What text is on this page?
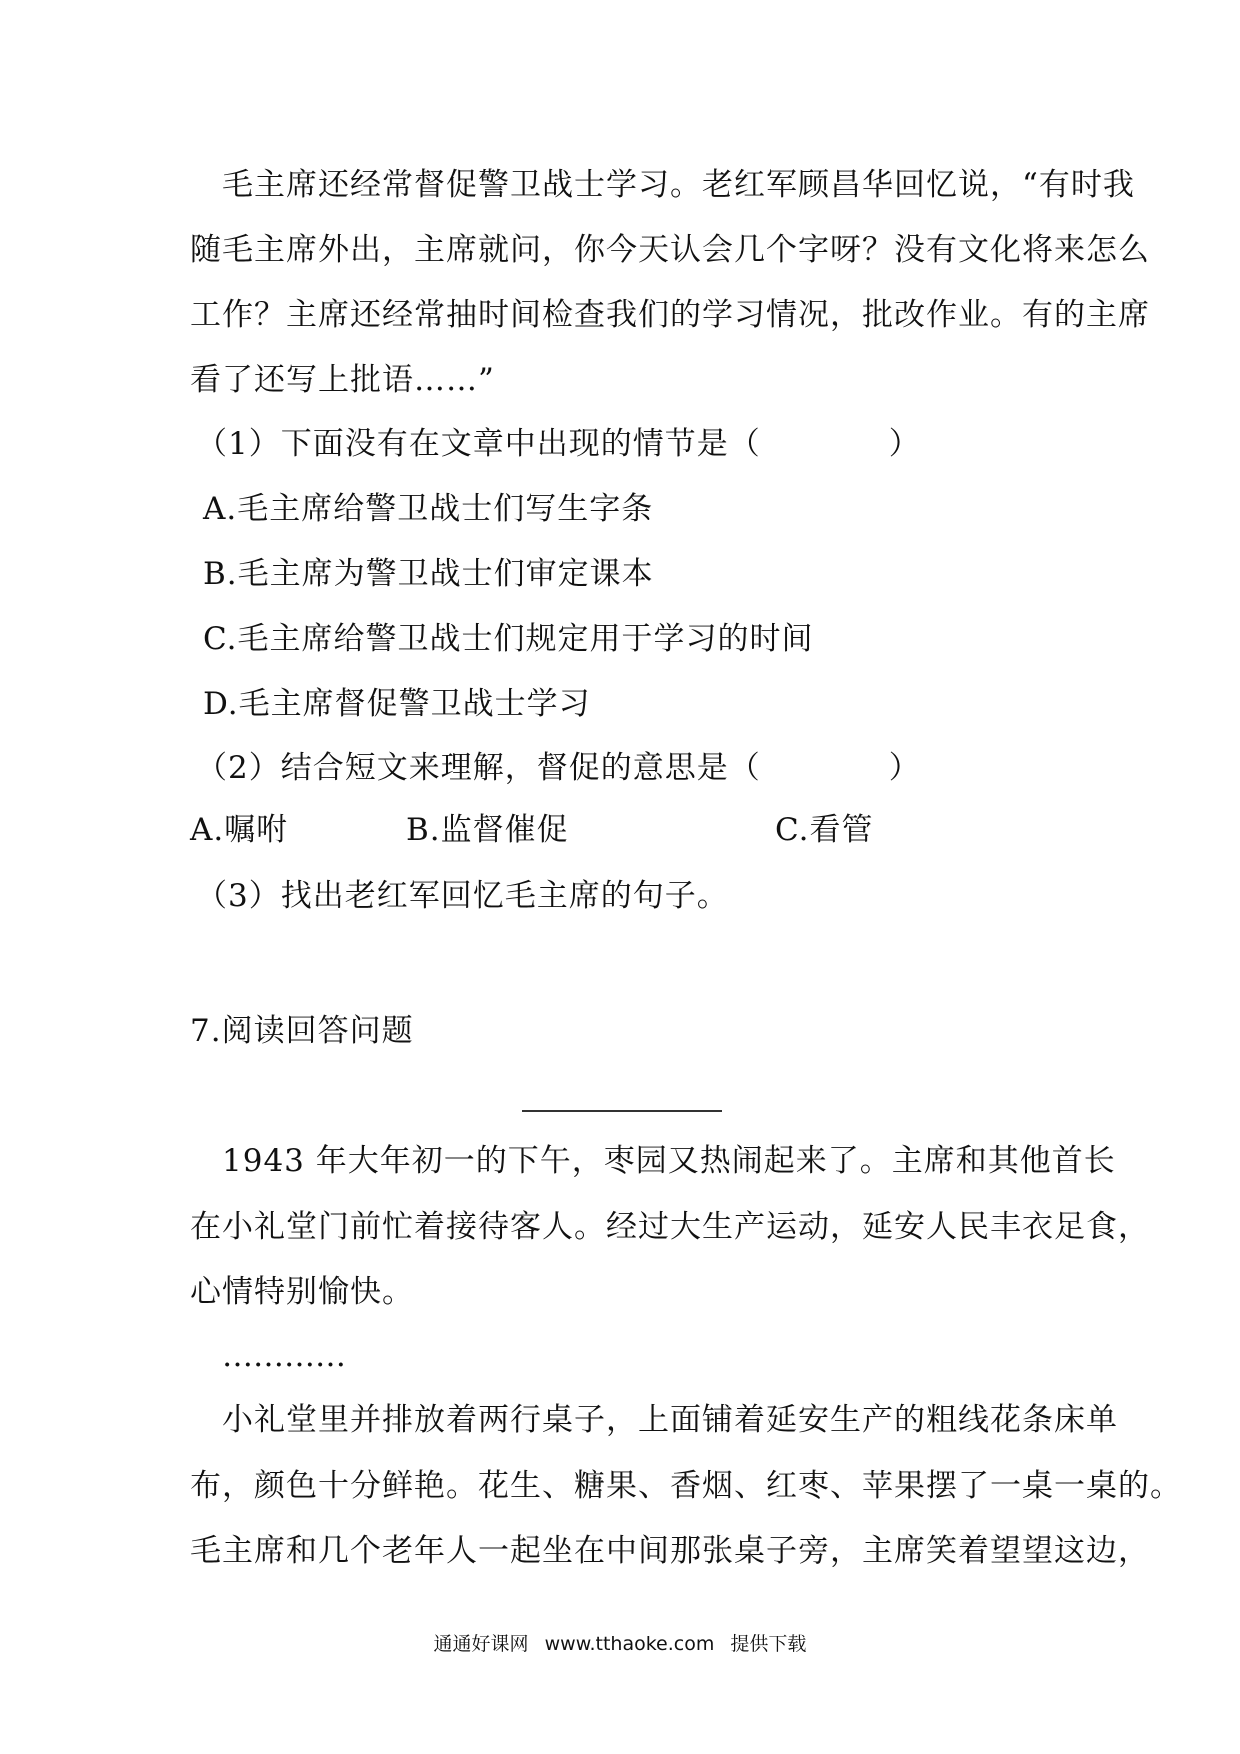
毛主席还经常督促警卫战士学习。老红军顾昌华回忆说，“有时我
随毛主席外出，主席就问，你今天认会几个字呀？没有文化将来怎么
工作？主席还经常抽时间检查我们的学习情况，批改作业。有的主席
看了还写上批语……”
（1）下面没有在文章中出现的情节是（　　　　）
A.毛主席给警卫战士们写生字条
B.毛主席为警卫战士们审定课本
C.毛主席给警卫战士们规定用于学习的时间
D.毛主席督促警卫战士学习
（2）结合短文来理解，督促的意思是（　　　　）
A.嘱咐	B.监督催促	C.看管
（3）找出老红军回忆毛主席的句子。
7.阅读回答问题
1943 年大年初一的下午，枣园又热闹起来了。主席和其他首长
在小礼堂门前忙着接待客人。经过大生产运动，延安人民丰衣足食，
心情特别愉快。
…………
小礼堂里并排放着两行桌子，上面铺着延安生产的粗线花条床单
布，颜色十分鲜艳。花生、糖果、香烟、红枣、苹果摆了一桌一桌的。
毛主席和几个老年人一起坐在中间那张桌子旁，主席笑着望望这边，
通通好课网 www.tthaoke.com 提供下载
